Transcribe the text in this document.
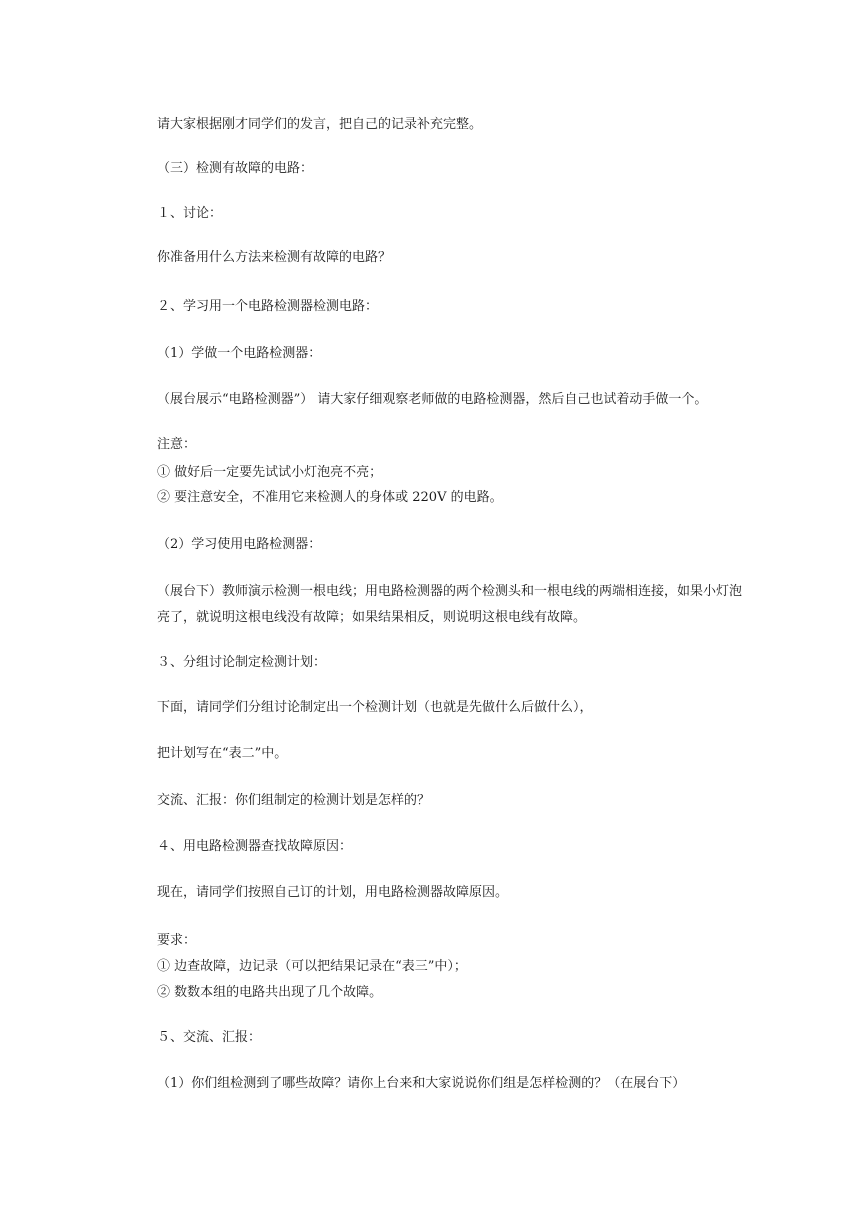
请大家根据刚才同学们的发言，把自己的记录补充完整。
（三）检测有故障的电路：
１、讨论：
你准备用什么方法来检测有故障的电路？
２、学习用一个电路检测器检测电路：
（1）学做一个电路检测器：
（展台展示“电路检测器”） 请大家仔细观察老师做的电路检测器，然后自己也试着动手做一个。
注意：
① 做好后一定要先试试小灯泡亮不亮；
② 要注意安全，不准用它来检测人的身体或 220V 的电路。
（2）学习使用电路检测器：
（展台下）教师演示检测一根电线；用电路检测器的两个检测头和一根电线的两端相连接，如果小灯泡亮了，就说明这根电线没有故障；如果结果相反，则说明这根电线有故障。
３、分组讨论制定检测计划：
下面，请同学们分组讨论制定出一个检测计划（也就是先做什么后做什么），
把计划写在“表二”中。
交流、汇报：你们组制定的检测计划是怎样的？
４、用电路检测器查找故障原因：
现在，请同学们按照自己订的计划，用电路检测器故障原因。
要求：
① 边查故障，边记录（可以把结果记录在“表三”中）；
② 数数本组的电路共出现了几个故障。
５、交流、汇报：
（1）你们组检测到了哪些故障？请你上台来和大家说说你们组是怎样检测的？（在展台下）
